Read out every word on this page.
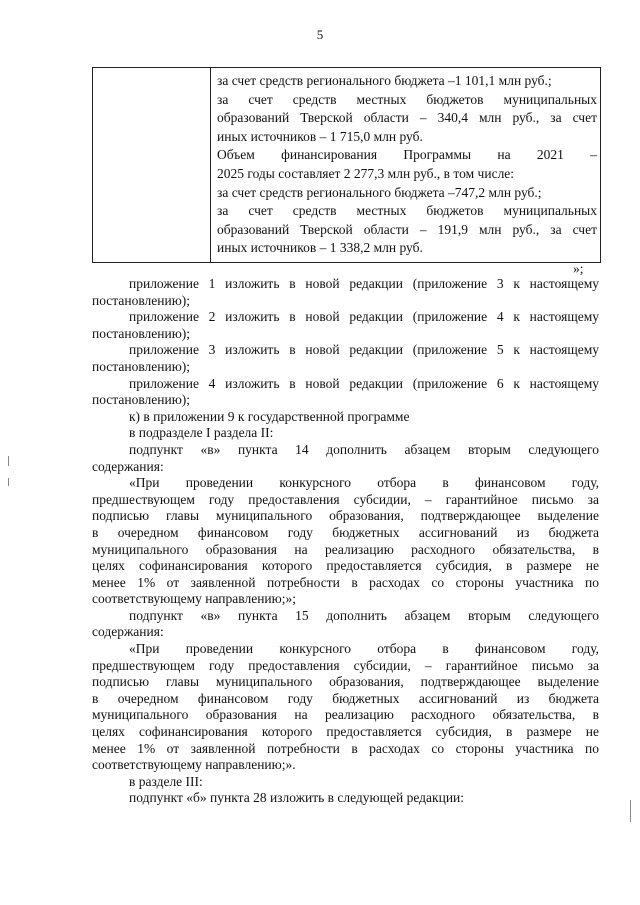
5
за счет средств регионального бюджета –1 101,1 млн руб.;
за счет средств местных бюджетов муниципальных
образований Тверской области – 340,4 млн руб., за счет
иных источников – 1 715,0 млн руб.
Объем финансирования Программы на 2021 –
2025 годы составляет 2 277,3 млн руб., в том числе:
за счет средств регионального бюджета –747,2 млн руб.;
за счет средств местных бюджетов муниципальных
образований Тверской области – 191,9 млн руб., за счет
иных источников – 1 338,2 млн руб.
»;
приложение 1 изложить в новой редакции (приложение 3 к настоящему
постановлению);
приложение 2 изложить в новой редакции (приложение 4 к настоящему
постановлению);
приложение 3 изложить в новой редакции (приложение 5 к настоящему
постановлению);
приложение 4 изложить в новой редакции (приложение 6 к настоящему
постановлению);
к) в приложении 9 к государственной программе
в подразделе I раздела II:
подпункт «в» пункта 14 дополнить абзацем вторым следующего
содержания:
«При проведении конкурсного отбора в финансовом году,
предшествующем году предоставления субсидии, – гарантийное письмо за
подписью главы муниципального образования, подтверждающее выделение
в очередном финансовом году бюджетных ассигнований из бюджета
муниципального образования на реализацию расходного обязательства, в
целях софинансирования которого предоставляется субсидия, в размере не
менее 1% от заявленной потребности в расходах со стороны участника по
соответствующему направлению;»;
подпункт «в» пункта 15 дополнить абзацем вторым следующего
содержания:
«При проведении конкурсного отбора в финансовом году,
предшествующем году предоставления субсидии, – гарантийное письмо за
подписью главы муниципального образования, подтверждающее выделение
в очередном финансовом году бюджетных ассигнований из бюджета
муниципального образования на реализацию расходного обязательства, в
целях софинансирования которого предоставляется субсидия, в размере не
менее 1% от заявленной потребности в расходах со стороны участника по
соответствующему направлению;».
в разделе III:
подпункт «б» пункта 28 изложить в следующей редакции:
